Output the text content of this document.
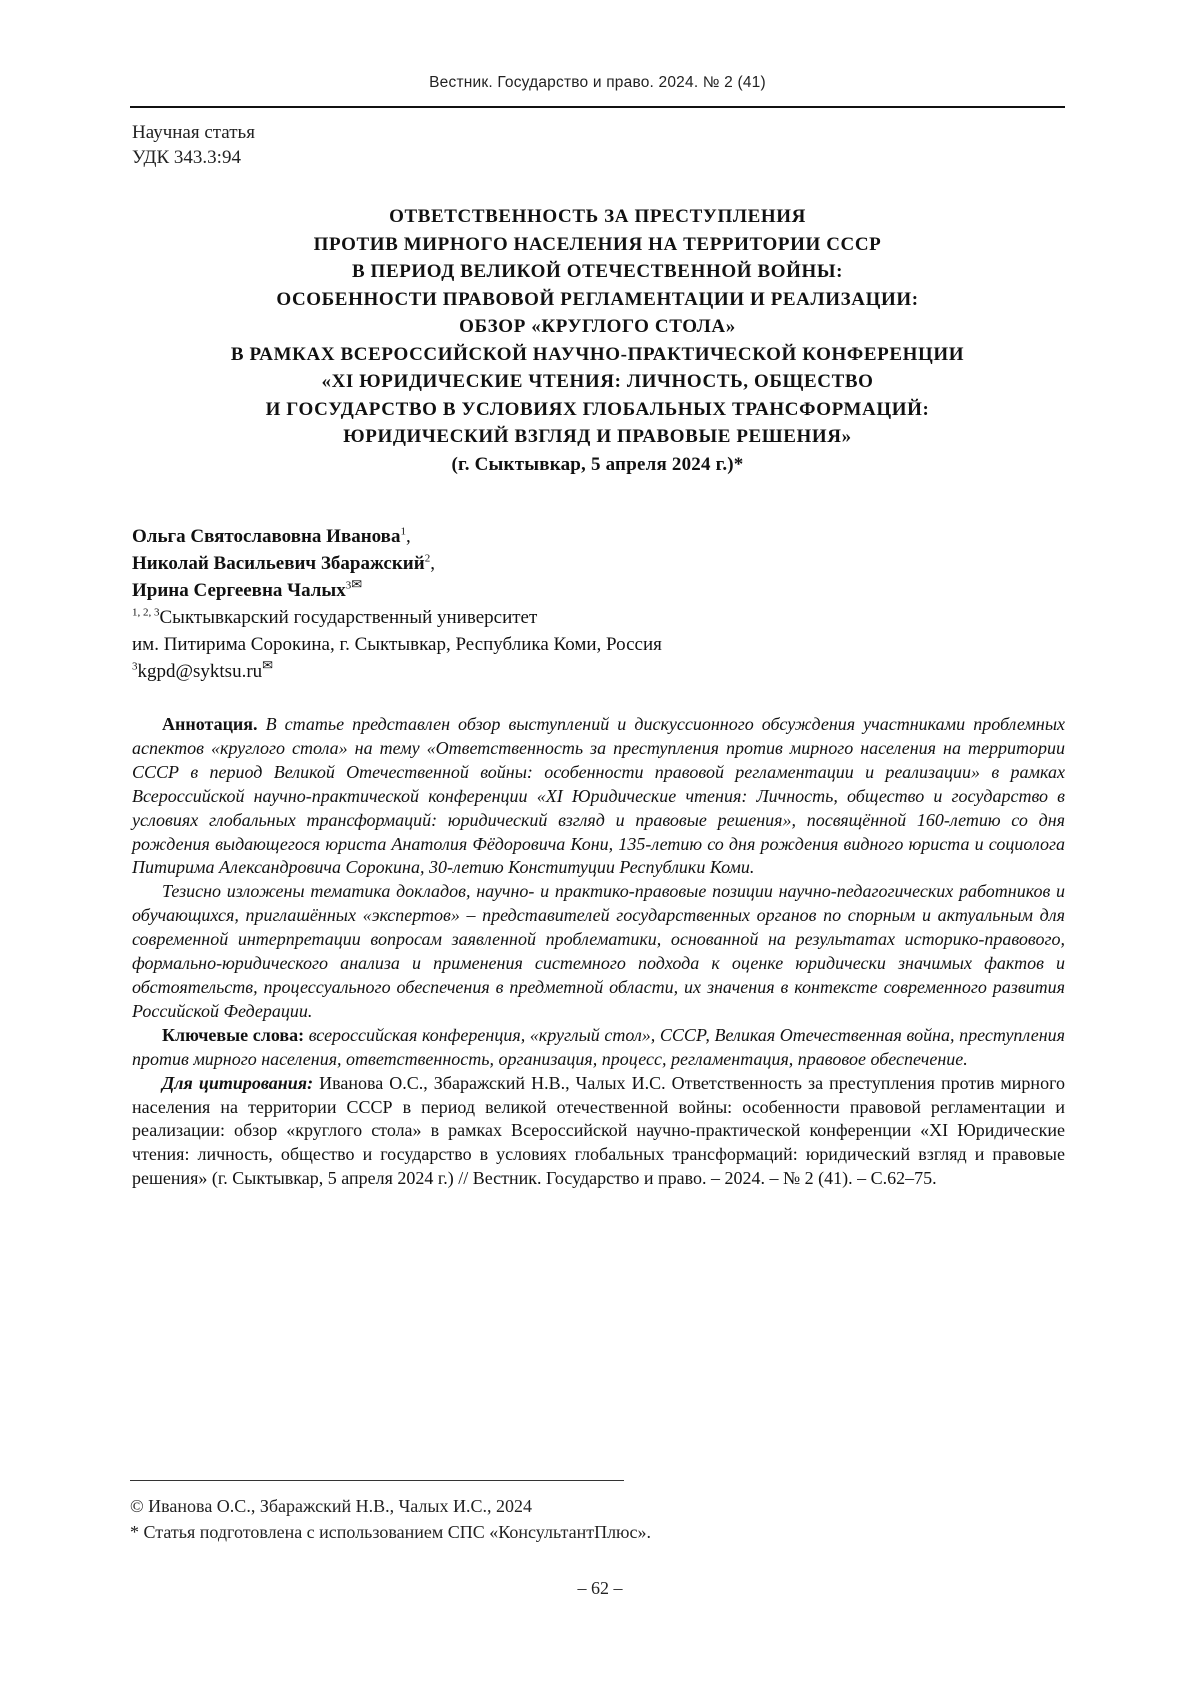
Вестник. Государство и право. 2024. № 2 (41)
Научная статья
УДК 343.3:94
ОТВЕТСТВЕННОСТЬ ЗА ПРЕСТУПЛЕНИЯ
ПРОТИВ МИРНОГО НАСЕЛЕНИЯ НА ТЕРРИТОРИИ СССР
В ПЕРИОД ВЕЛИКОЙ ОТЕЧЕСТВЕННОЙ ВОЙНЫ:
ОСОБЕННОСТИ ПРАВОВОЙ РЕГЛАМЕНТАЦИИ И РЕАЛИЗАЦИИ:
ОБЗОР «КРУГЛОГО СТОЛА»
В РАМКАХ ВСЕРОССИЙСКОЙ НАУЧНО-ПРАКТИЧЕСКОЙ КОНФЕРЕНЦИИ
«XI ЮРИДИЧЕСКИЕ ЧТЕНИЯ: ЛИЧНОСТЬ, ОБЩЕСТВО
И ГОСУДАРСТВО В УСЛОВИЯХ ГЛОБАЛЬНЫХ ТРАНСФОРМАЦИЙ:
ЮРИДИЧЕСКИЙ ВЗГЛЯД И ПРАВОВЫЕ РЕШЕНИЯ»
(г. Сыктывкар, 5 апреля 2024 г.)*
Ольга Святославовна Иванова1,
Николай Васильевич Збаражский2,
Ирина Сергеевна Чалых3✉
1, 2, 3Сыктывкарский государственный университет
им. Питирима Сорокина, г. Сыктывкар, Республика Коми, Россия
3kgpd@syktsu.ru✉

Аннотация. В статье представлен обзор выступлений и дискуссионного обсуждения участниками проблемных аспектов «круглого стола» на тему «Ответственность за преступления против мирного населения на территории СССР в период Великой Отечественной войны: особенности правовой регламентации и реализации» в рамках Всероссийской научно-практической конференции «XI Юридические чтения: Личность, общество и государство в условиях глобальных трансформаций: юридический взгляд и правовые решения», посвящённой 160-летию со дня рождения выдающегося юриста Анатолия Фёдоровича Кони, 135-летию со дня рождения видного юриста и социолога Питирима Александровича Сорокина, 30-летию Конституции Республики Коми.

Тезисно изложены тематика докладов, научно- и практико-правовые позиции научно-педагогических работников и обучающихся, приглашённых «экспертов» – представителей государственных органов по спорным и актуальным для современной интерпретации вопросам заявленной проблематики, основанной на результатах историко-правового, формально-юридического анализа и применения системного подхода к оценке юридически значимых фактов и обстоятельств, процессуального обеспечения в предметной области, их значения в контексте современного развития Российской Федерации.

Ключевые слова: всероссийская конференция, «круглый стол», СССР, Великая Отечественная война, преступления против мирного населения, ответственность, организация, процесс, регламентация, правовое обеспечение.

Для цитирования: Иванова О.С., Збаражский Н.В., Чалых И.С. Ответственность за преступления против мирного населения на территории СССР в период великой отечественной войны: особенности правовой регламентации и реализации: обзор «круглого стола» в рамках Всероссийской научно-практической конференции «XI Юридические чтения: личность, общество и государство в условиях глобальных трансформаций: юридический взгляд и правовые решения» (г. Сыктывкар, 5 апреля 2024 г.) // Вестник. Государство и право. – 2024. – № 2 (41). – С.62–75.

© Иванова О.С., Збаражский Н.В., Чалых И.С., 2024
* Статья подготовлена с использованием СПС «КонсультантПлюс».
– 62 –
